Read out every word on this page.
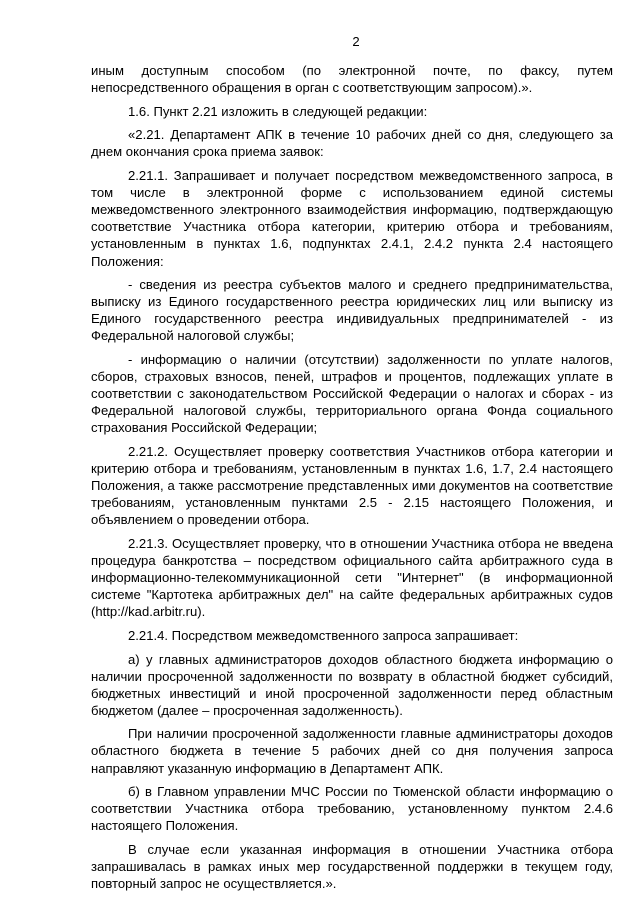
2

иным доступным способом (по электронной почте, по факсу, путем непосредственного обращения в орган с соответствующим запросом).».

1.6. Пункт 2.21 изложить в следующей редакции:

«2.21. Департамент АПК в течение 10 рабочих дней со дня, следующего за днем окончания срока приема заявок:

2.21.1. Запрашивает и получает посредством межведомственного запроса, в том числе в электронной форме с использованием единой системы межведомственного электронного взаимодействия информацию, подтверждающую соответствие Участника отбора категории, критерию отбора и требованиям, установленным в пунктах 1.6, подпунктах 2.4.1, 2.4.2 пункта 2.4 настоящего Положения:

- сведения из реестра субъектов малого и среднего предпринимательства, выписку из Единого государственного реестра юридических лиц или выписку из Единого государственного реестра индивидуальных предпринимателей - из Федеральной налоговой службы;

- информацию о наличии (отсутствии) задолженности по уплате налогов, сборов, страховых взносов, пеней, штрафов и процентов, подлежащих уплате в соответствии с законодательством Российской Федерации о налогах и сборах - из Федеральной налоговой службы, территориального органа Фонда социального страхования Российской Федерации;

2.21.2. Осуществляет проверку соответствия Участников отбора категории и критерию отбора и требованиям, установленным в пунктах 1.6, 1.7, 2.4 настоящего Положения, а также рассмотрение представленных ими документов на соответствие требованиям, установленным пунктами 2.5 - 2.15 настоящего Положения, и объявлением о проведении отбора.

2.21.3. Осуществляет проверку, что в отношении Участника отбора не введена процедура банкротства – посредством официального сайта арбитражного суда в информационно-телекоммуникационной сети "Интернет" (в информационной системе "Картотека арбитражных дел" на сайте федеральных арбитражных судов (http://kad.arbitr.ru).

2.21.4. Посредством межведомственного запроса запрашивает:

а) у главных администраторов доходов областного бюджета информацию о наличии просроченной задолженности по возврату в областной бюджет субсидий, бюджетных инвестиций и иной просроченной задолженности перед областным бюджетом (далее – просроченная задолженность).

При наличии просроченной задолженности главные администраторы доходов областного бюджета в течение 5 рабочих дней со дня получения запроса направляют указанную информацию в Департамент АПК.

б) в Главном управлении МЧС России по Тюменской области информацию о соответствии Участника отбора требованию, установленному пунктом 2.4.6 настоящего Положения.

В случае если указанная информация в отношении Участника отбора запрашивалась в рамках иных мер государственной поддержки в текущем году, повторный запрос не осуществляется.».
